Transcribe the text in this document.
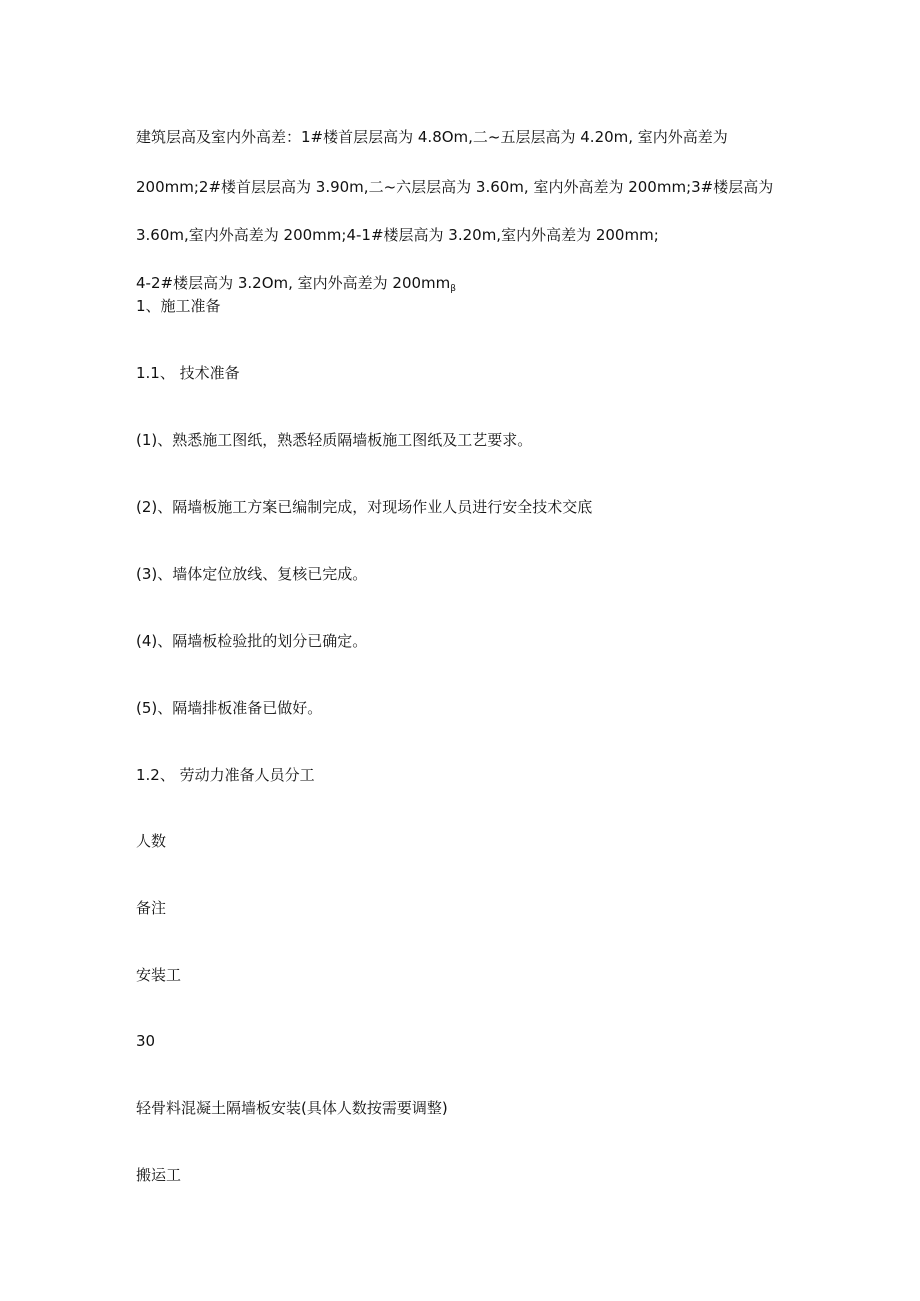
建筑层高及室内外高差：1#楼首层层高为 4.8Om,二~五层层高为 4.20m, 室内外高差为
200mm;2#楼首层层高为 3.90m,二~六层层高为 3.60m, 室内外高差为 200mm;3#楼层高为
3.60m,室内外高差为 200mm;4-1#楼层高为 3.20m,室内外高差为 200mm;
4-2#楼层高为 3.2Om, 室内外高差为 $200mm_\beta$
1、施工准备
1.1、 技术准备
(1)、熟悉施工图纸，熟悉轻质隔墙板施工图纸及工艺要求。
(2)、隔墙板施工方案已编制完成，对现场作业人员进行安全技术交底
(3)、墙体定位放线、复核已完成。
(4)、隔墙板检验批的划分已确定。
(5)、隔墙排板准备已做好。
1.2、 劳动力准备人员分工
人数
备注
安装工
30
轻骨料混凝土隔墙板安装(具体人数按需要调整)
搬运工
